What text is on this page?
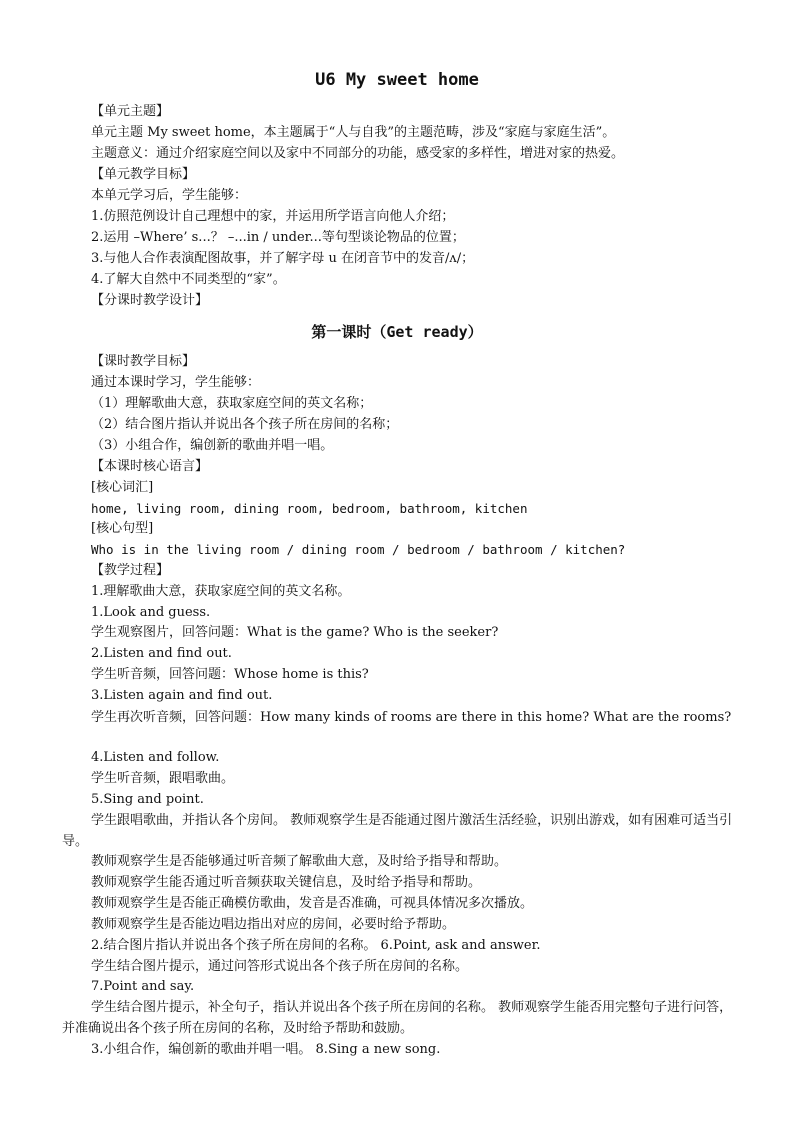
U6 My sweet home
【单元主题】
单元主题 My sweet home，本主题属于“人与自我”的主题范畴，涉及“家庭与家庭生活”。
主题意义：通过介绍家庭空间以及家中不同部分的功能，感受家的多样性，增进对家的热爱。
【单元教学目标】
本单元学习后，学生能够：
1.仿照范例设计自己理想中的家，并运用所学语言向他人介绍；
2.运用 –Where’ s...？ –...in / under...等句型谈论物品的位置；
3.与他人合作表演配图故事，并了解字母 u 在闭音节中的发音/ʌ/；
4.了解大自然中不同类型的“家”。
【分课时教学设计】
第一课时（Get ready）
【课时教学目标】
通过本课时学习，学生能够：
（1）理解歌曲大意，获取家庭空间的英文名称；
（2）结合图片指认并说出各个孩子所在房间的名称；
（3）小组合作，编创新的歌曲并唱一唱。
【本课时核心语言】
[核心词汇]
home, living room, dining room, bedroom, bathroom, kitchen
[核心句型]
Who is in the living room / dining room / bedroom / bathroom / kitchen?
【教学过程】
1.理解歌曲大意，获取家庭空间的英文名称。
1.Look and guess.
学生观察图片，回答问题：What is the game? Who is the seeker?
2.Listen and find out.
学生听音频，回答问题：Whose home is this?
3.Listen again and find out.
学生再次听音频，回答问题：How many kinds of rooms are there in this home? What are the rooms?
4.Listen and follow.
学生听音频，跟唱歌曲。
5.Sing and point.
学生跟唱歌曲，并指认各个房间。 教师观察学生是否能通过图片激活生活经验，识别出游戏，如有困难可适当引导。
教师观察学生是否能够通过听音频了解歌曲大意，及时给予指导和帮助。
教师观察学生能否通过听音频获取关键信息，及时给予指导和帮助。
教师观察学生是否能正确模仿歌曲，发音是否准确，可视具体情况多次播放。
教师观察学生是否能边唱边指出对应的房间，必要时给予帮助。
2.结合图片指认并说出各个孩子所在房间的名称。 6.Point, ask and answer.
学生结合图片提示，通过问答形式说出各个孩子所在房间的名称。
7.Point and say.
学生结合图片提示，补全句子，指认并说出各个孩子所在房间的名称。 教师观察学生能否用完整句子进行问答，并准确说出各个孩子所在房间的名称，及时给予帮助和鼓励。
3.小组合作，编创新的歌曲并唱一唱。 8.Sing a new song.
